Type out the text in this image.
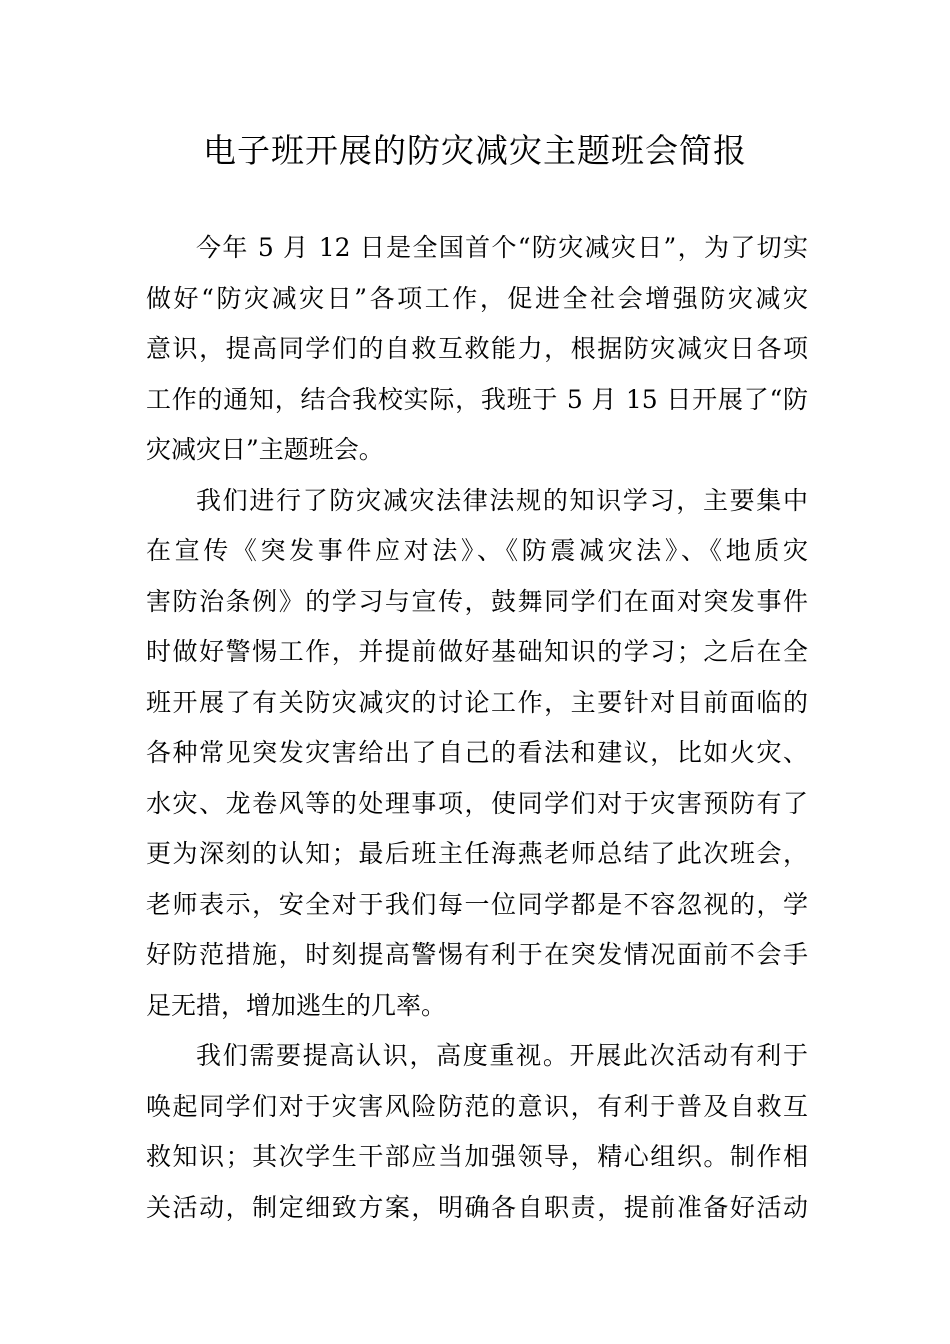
电子班开展的防灾减灾主题班会简报
今年 5 月 12 日是全国首个“防灾减灾日”，为了切实
做好“防灾减灾日”各项工作，促进全社会增强防灾减灾
意识，提高同学们的自救互救能力，根据防灾减灾日各项
工作的通知，结合我校实际，我班于 5 月 15 日开展了“防
灾减灾日”主题班会。
我们进行了防灾减灾法律法规的知识学习，主要集中
在宣传《突发事件应对法》、《防震减灾法》、《地质灾
害防治条例》的学习与宣传，鼓舞同学们在面对突发事件
时做好警惕工作，并提前做好基础知识的学习；之后在全
班开展了有关防灾减灾的讨论工作，主要针对目前面临的
各种常见突发灾害给出了自己的看法和建议，比如火灾、
水灾、龙卷风等的处理事项，使同学们对于灾害预防有了
更为深刻的认知；最后班主任海燕老师总结了此次班会，
老师表示，安全对于我们每一位同学都是不容忽视的，学
好防范措施，时刻提高警惕有利于在突发情况面前不会手
足无措，增加逃生的几率。
我们需要提高认识，高度重视。开展此次活动有利于
唤起同学们对于灾害风险防范的意识，有利于普及自救互
救知识；其次学生干部应当加强领导，精心组织。制作相
关活动，制定细致方案，明确各自职责，提前准备好活动
